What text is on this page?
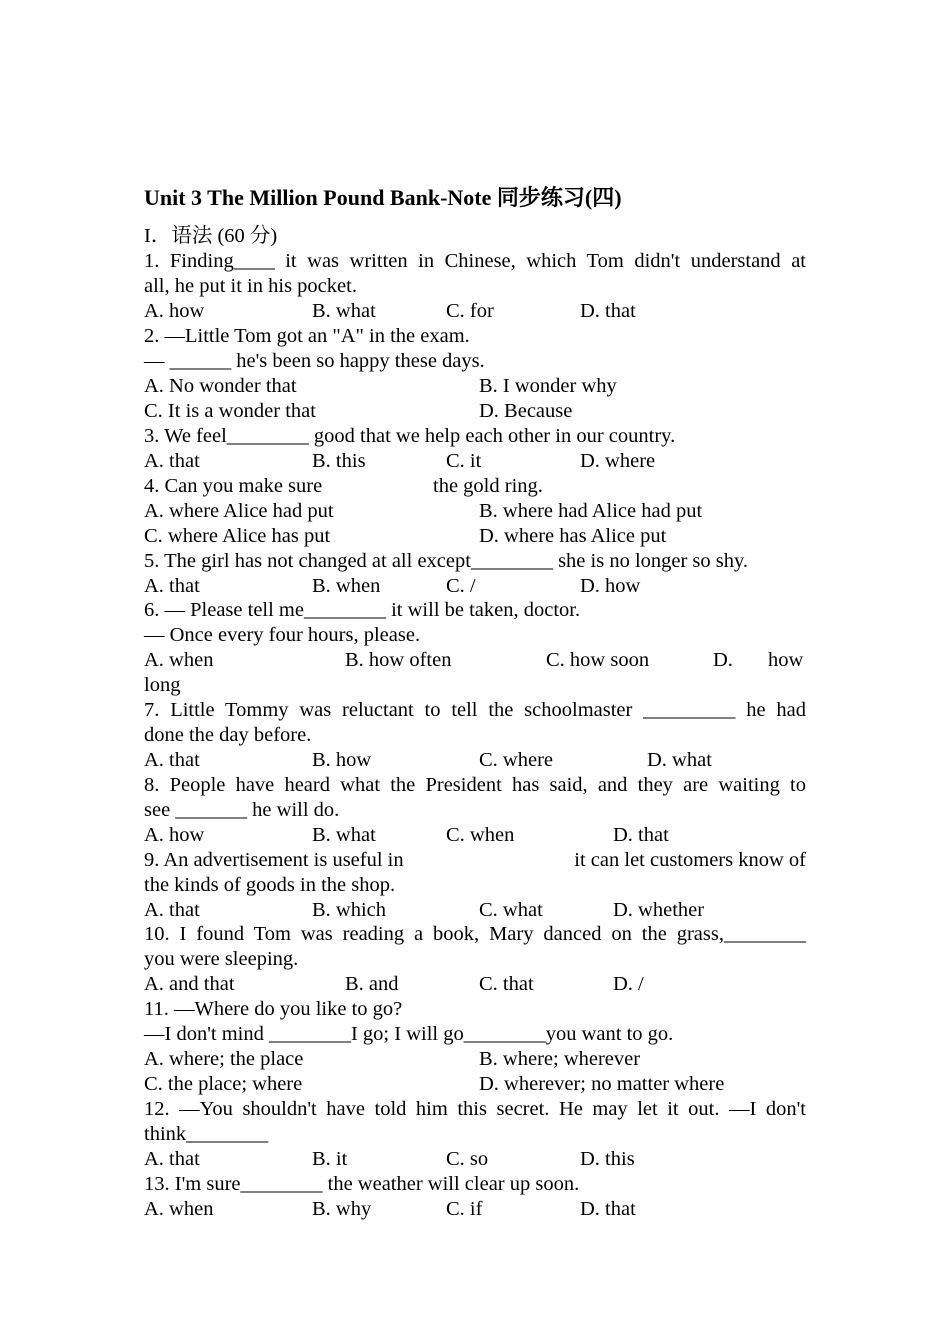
Unit 3 The Million Pound Bank-Note 同步练习(四)
I．语法 (60 分)
1. Finding____ it was written in Chinese, which Tom didn't understand at
all, he put it in his pocket.
A. how	B. what	C. for	D. that
2. —Little Tom got an "A" in the exam.
— ______ he's been so happy these days.
A. No wonder that	B. I wonder why
C. It is a wonder that	D. Because
3. We feel________ good that we help each other in our country.
A. that	B. this	C. it	D. where
4. Can you make sure	the gold ring.
A. where Alice had put	B. where had Alice had put
C. where Alice has put	D. where has Alice put
5. The girl has not changed at all except________ she is no longer so shy.
A. that	B. when	C. /	D. how
6. — Please tell me________ it will be taken, doctor.
— Once every four hours, please.
A. when	B. how often	C. how soon	D. how
long
7. Little Tommy was reluctant to tell the schoolmaster _________ he had
done the day before.
A. that	B. how	C. where	D. what
8. People have heard what the President has said, and they are waiting to
see _______ he will do.
A. how	B. what	C. when	D. that
9. An advertisement is useful in	it can let customers know of
the kinds of goods in the shop.
A. that	B. which	C. what	D. whether
10. I found Tom was reading a book, Mary danced on the grass,________
you were sleeping.
A. and that	B. and	C. that	D. /
11. —Where do you like to go?
—I don't mind ________I go; I will go________you want to go.
A. where; the place	B. where; wherever
C. the place; where	D. wherever; no matter where
12. —You shouldn't have told him this secret. He may let it out. —I don't
think________
A. that	B. it	C. so	D. this
13. I'm sure________ the weather will clear up soon.
A. when	B. why	C. if	D. that
